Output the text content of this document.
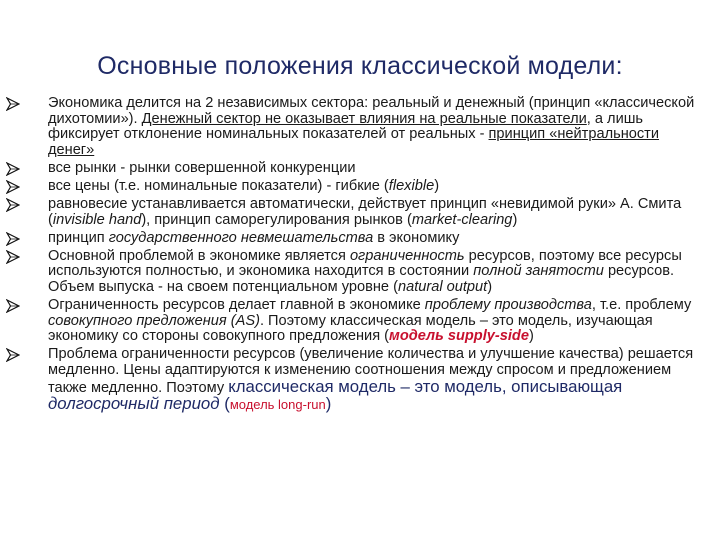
Основные положения классической модели:
Экономика делится на 2 независимых сектора: реальный и денежный (принцип «классической дихотомии»). Денежный сектор не оказывает влияния на реальные показатели, а лишь фиксирует отклонение номинальных показателей от реальных - принцип «нейтральности денег»
все рынки - рынки совершенной конкуренции
все цены (т.е. номинальные показатели) - гибкие (flexible)
равновесие устанавливается автоматически, действует принцип «невидимой руки» А. Смита (invisible hand), принцип саморегулирования рынков (market-clearing)
принцип государственного невмешательства в экономику
Основной проблемой в экономике является ограниченность ресурсов, поэтому все ресурсы используются полностью, и экономика находится в состоянии полной занятости ресурсов. Объем выпуска - на своем потенциальном уровне (natural output)
Ограниченность ресурсов делает главной в экономике проблему производства, т.е. проблему совокупного предложения (AS). Поэтому классическая модель – это модель, изучающая экономику со стороны совокупного предложения (модель supply-side)
Проблема ограниченности ресурсов (увеличение количества и улучшение качества) решается медленно. Цены адаптируются к изменению соотношения между спросом и предложением также медленно. Поэтому классическая модель – это модель, описывающая долгосрочный период (модель long-run)
